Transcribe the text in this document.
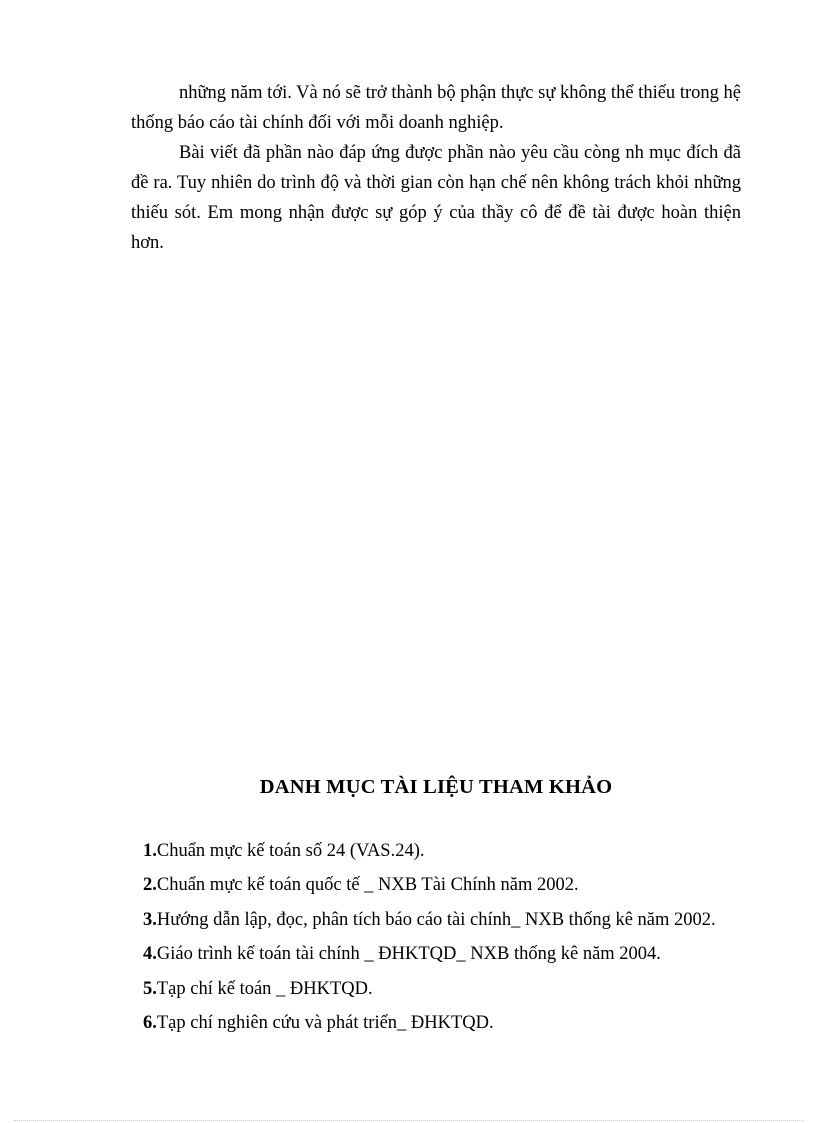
những năm tới. Và nó sẽ trở thành bộ phận thực sự không thể thiếu trong hệ thống báo cáo tài chính đối với mỗi doanh nghiệp.

Bài viết đã phần nào đáp ứng được phần nào yêu cầu còng nh mục đích đã đề ra. Tuy nhiên do trình độ và thời gian còn hạn chế nên không trách khỏi những thiếu sót. Em mong nhận được sự góp ý của thầy cô để đề tài được hoàn thiện hơn.

DANH MỤC TÀI LIỆU THAM KHẢO
1.Chuẩn mực kế toán số 24 (VAS.24).
2.Chuẩn mực kế toán quốc tế _ NXB Tài Chính năm 2002.
3.Hướng dẫn lập, đọc, phân tích báo cáo tài chính_ NXB thống kê năm 2002.
4.Giáo trình kế toán tài chính _ ĐHKTQD_ NXB thống kê năm 2004.
5.Tạp chí kế toán _ ĐHKTQD.
6.Tạp chí nghiên cứu và phát triển_ ĐHKTQD.
